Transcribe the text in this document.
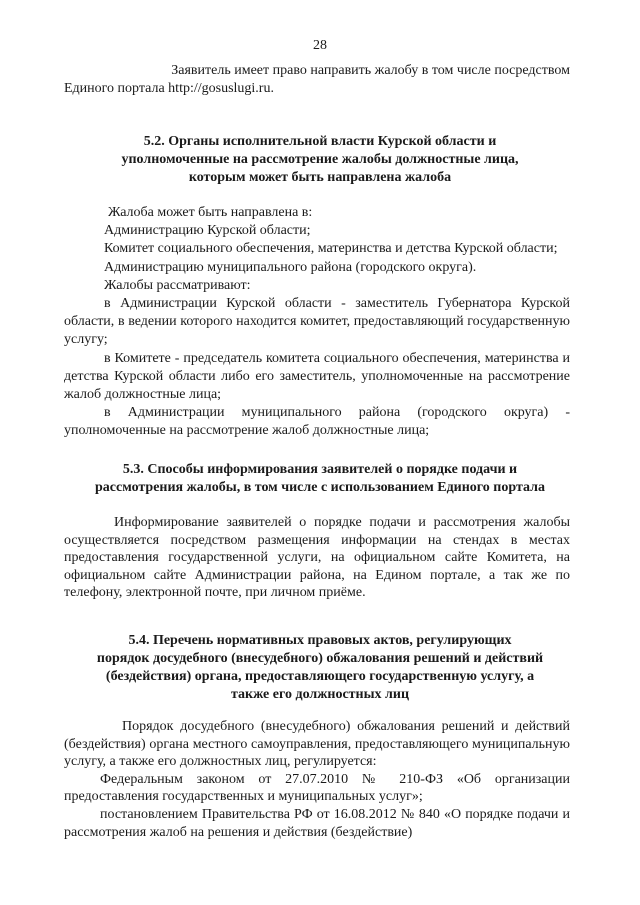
28
Заявитель имеет право направить жалобу в том числе посредством
Единого портала http://gosuslugi.ru.
5.2. Органы исполнительной власти Курской области и
уполномоченные на рассмотрение жалобы должностные лица,
которым может быть направлена жалоба

Жалоба может быть направлена в:

Администрацию Курской области;

Комитет социального обеспечения, материнства и детства Курской области;

Администрацию муниципального района (городского округа).

Жалобы рассматривают:

в Администрации Курской области - заместитель Губернатора Курской области, в ведении которого находится комитет, предоставляющий государственную услугу;

в Комитете - председатель комитета социального обеспечения, материнства и детства Курской области либо его заместитель, уполномоченные на рассмотрение жалоб должностные лица;

в Администрации муниципального района (городского округа) - уполномоченные на рассмотрение жалоб должностные лица;

5.3. Способы информирования заявителей о порядке подачи и
рассмотрения жалобы, в том числе с использованием Единого портала

Информирование заявителей о порядке подачи и рассмотрения жалобы осуществляется посредством размещения информации на стендах в местах предоставления государственной услуги, на официальном сайте Комитета, на официальном сайте Администрации района, на Едином портале, а так же по телефону, электронной почте, при личном приёме.

5.4. Перечень нормативных правовых актов, регулирующих
порядок досудебного (внесудебного) обжалования решений и действий
(бездействия) органа, предоставляющего государственную услугу, а
также его должностных лиц

Порядок досудебного (внесудебного) обжалования решений и действий (бездействия) органа местного самоуправления, предоставляющего муниципальную услугу, а также его должностных лиц, регулируется:

Федеральным законом от 27.07.2010 № 210-ФЗ «Об организации предоставления государственных и муниципальных услуг»;

постановлением Правительства РФ от 16.08.2012 № 840 «О порядке подачи и рассмотрения жалоб на решения и действия (бездействие)
